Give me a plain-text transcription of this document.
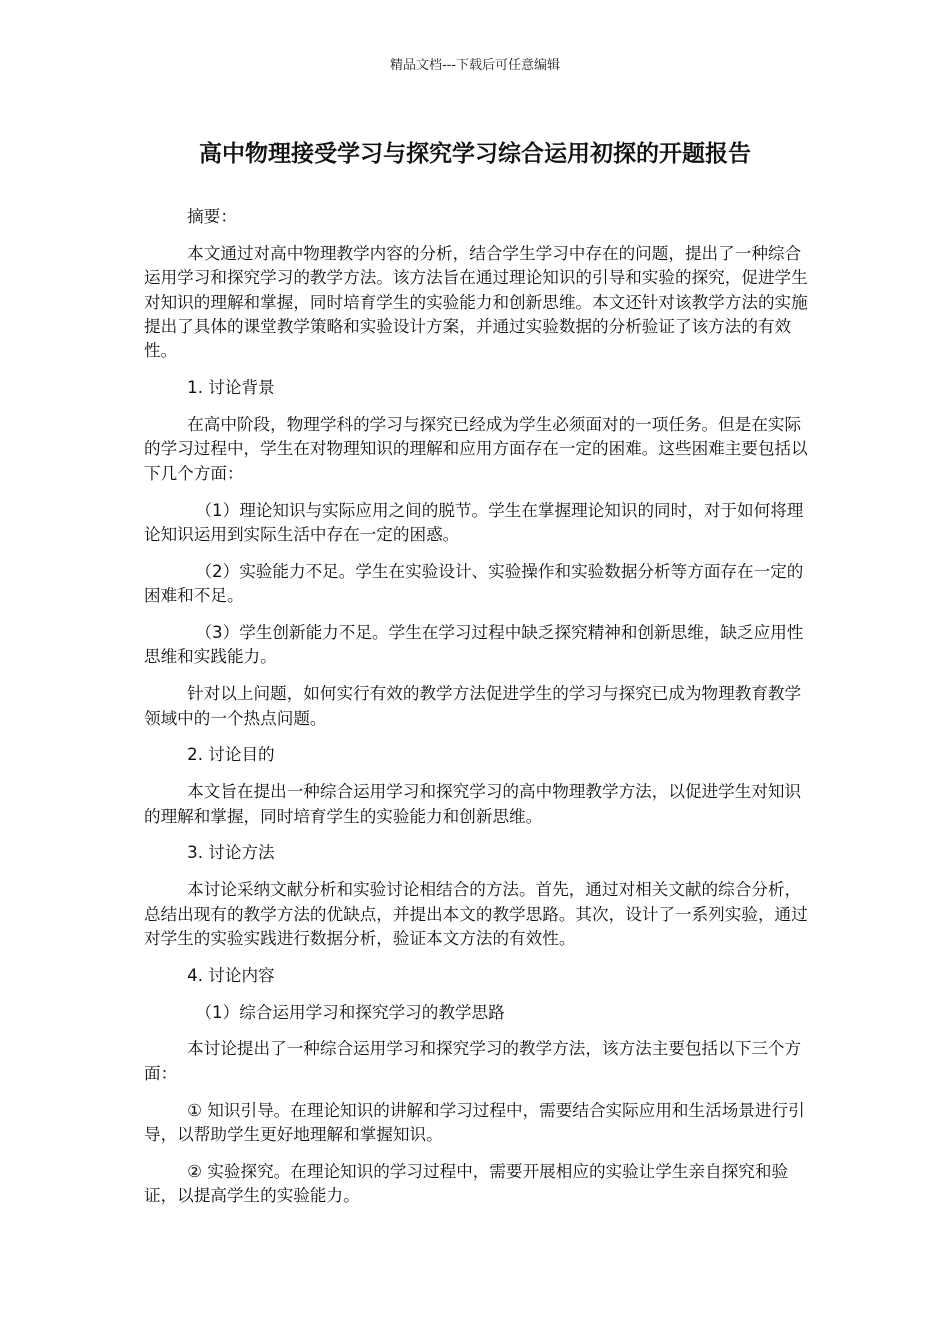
精品文档---下载后可任意编辑
高中物理接受学习与探究学习综合运用初探的开题报告

摘要：

本文通过对高中物理教学内容的分析，结合学生学习中存在的问题，提出了一种综合运用学习和探究学习的教学方法。该方法旨在通过理论知识的引导和实验的探究，促进学生对知识的理解和掌握，同时培育学生的实验能力和创新思维。本文还针对该教学方法的实施提出了具体的课堂教学策略和实验设计方案，并通过实验数据的分析验证了该方法的有效性。

1. 讨论背景

在高中阶段，物理学科的学习与探究已经成为学生必须面对的一项任务。但是在实际的学习过程中，学生在对物理知识的理解和应用方面存在一定的困难。这些困难主要包括以下几个方面：

（1）理论知识与实际应用之间的脱节。学生在掌握理论知识的同时，对于如何将理论知识运用到实际生活中存在一定的困惑。

（2）实验能力不足。学生在实验设计、实验操作和实验数据分析等方面存在一定的困难和不足。

（3）学生创新能力不足。学生在学习过程中缺乏探究精神和创新思维，缺乏应用性思维和实践能力。

针对以上问题，如何实行有效的教学方法促进学生的学习与探究已成为物理教育教学领域中的一个热点问题。

2. 讨论目的

本文旨在提出一种综合运用学习和探究学习的高中物理教学方法，以促进学生对知识的理解和掌握，同时培育学生的实验能力和创新思维。

3. 讨论方法

本讨论采纳文献分析和实验讨论相结合的方法。首先，通过对相关文献的综合分析，总结出现有的教学方法的优缺点，并提出本文的教学思路。其次，设计了一系列实验，通过对学生的实验实践进行数据分析，验证本文方法的有效性。

4. 讨论内容

（1）综合运用学习和探究学习的教学思路

本讨论提出了一种综合运用学习和探究学习的教学方法，该方法主要包括以下三个方面：

① 知识引导。在理论知识的讲解和学习过程中，需要结合实际应用和生活场景进行引导，以帮助学生更好地理解和掌握知识。

② 实验探究。在理论知识的学习过程中，需要开展相应的实验让学生亲自探究和验证，以提高学生的实验能力。
